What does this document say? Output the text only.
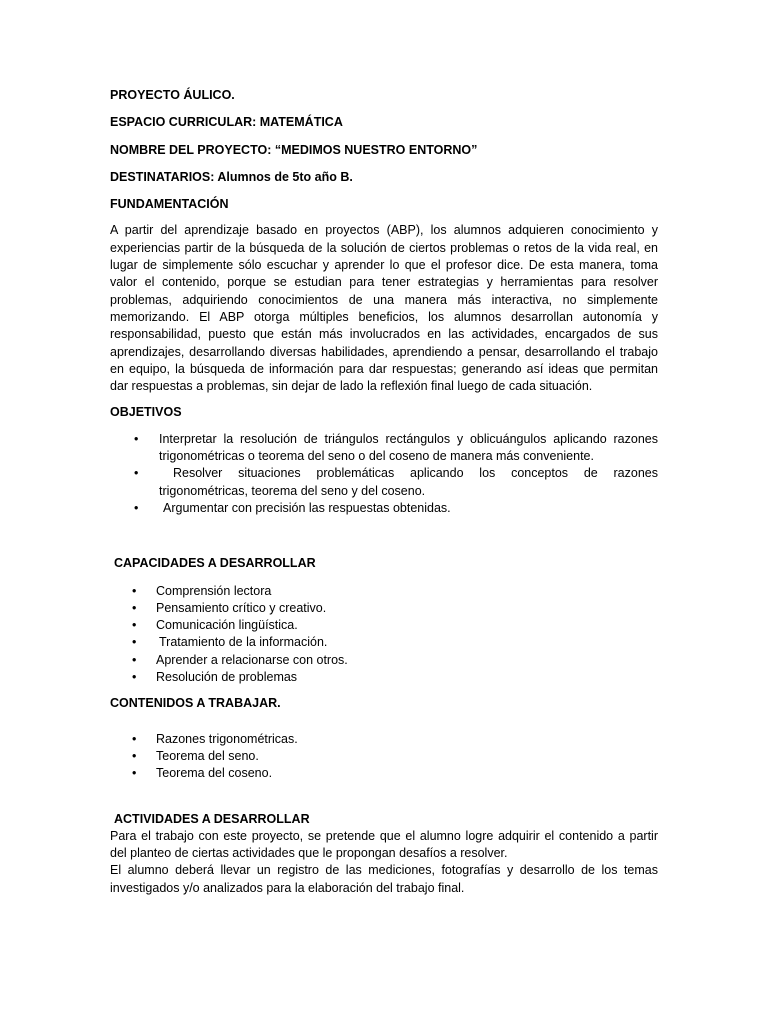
PROYECTO ÁULICO.

ESPACIO CURRICULAR: MATEMÁTICA

NOMBRE DEL PROYECTO: “MEDIMOS NUESTRO ENTORNO”

DESTINATARIOS: Alumnos de 5to año B.

FUNDAMENTACIÓN

A partir del aprendizaje basado en proyectos (ABP), los alumnos adquieren conocimiento y experiencias partir de la búsqueda de la solución de ciertos problemas o retos de la vida real, en lugar de simplemente sólo escuchar y aprender lo que el profesor dice. De esta manera, toma valor el contenido, porque se estudian para tener estrategias y herramientas para resolver problemas, adquiriendo conocimientos de una manera más interactiva, no simplemente memorizando. El ABP otorga múltiples beneficios, los alumnos desarrollan autonomía y responsabilidad, puesto que están más involucrados en las actividades, encargados de sus aprendizajes, desarrollando diversas habilidades, aprendiendo a pensar, desarrollando el trabajo en equipo, la búsqueda de información para dar respuestas; generando así ideas que permitan dar respuestas a problemas, sin dejar de lado la reflexión final luego de cada situación.

OBJETIVOS

• Interpretar la resolución de triángulos rectángulos y oblicuángulos aplicando razones trigonométricas o teorema del seno o del coseno de manera más conveniente.
•	Resolver situaciones problemáticas aplicando los conceptos de razones trigonométricas, teorema del seno y del coseno.
• Argumentar con precisión las respuestas obtenidas.

CAPACIDADES A DESARROLLAR

• Comprensión lectora
• Pensamiento crítico y creativo.
• Comunicación lingüística.
• Tratamiento de la información.
• Aprender a relacionarse con otros.
• Resolución de problemas

CONTENIDOS A TRABAJAR.

• Razones trigonométricas.
• Teorema del seno.
• Teorema del coseno.

ACTIVIDADES A DESARROLLAR

Para el trabajo con este proyecto, se pretende que el alumno logre adquirir el contenido a partir del planteo de ciertas actividades que le propongan desafíos a resolver.

El alumno deberá llevar un registro de las mediciones, fotografías y desarrollo de los temas investigados y/o analizados para la elaboración del trabajo final.
